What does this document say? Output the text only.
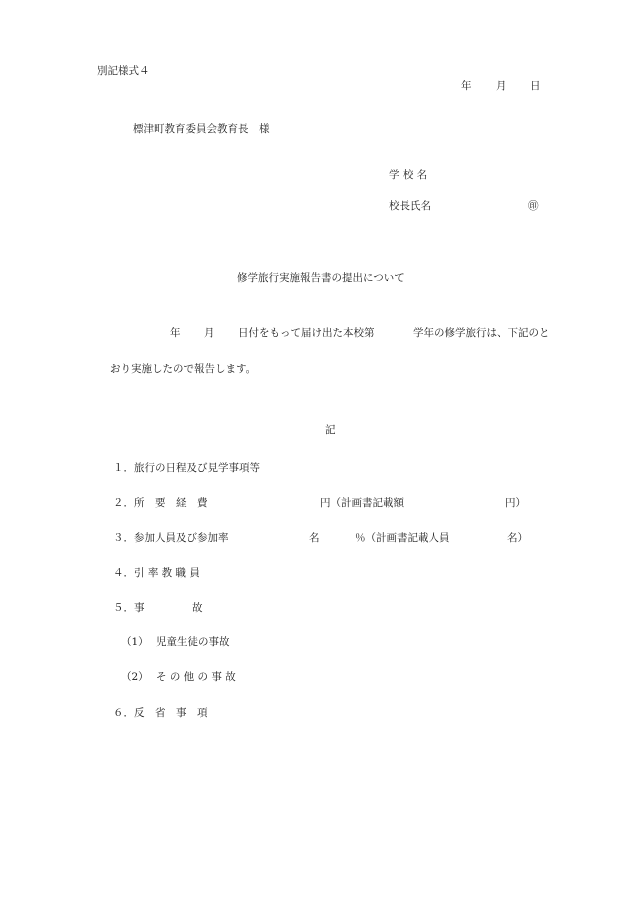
別記様式４
年 月 日
標津町教育委員会教育長　様
学 校 名
校長氏名	㊞
修学旅行実施報告書の提出について
年 月 日付をもって届け出た本校第	学年の修学旅行は、下記のと
おり実施したので報告します。
記
１．旅行の日程及び見学事項等
２．所　要　経　費	円（計画書記載額	円）
３．参加人員及び参加率	名	％（計画書記載人員	名）
４．引 率 教 職 員
５．事	故
（1） 児童生徒の事故
（2） そ の 他 の 事 故
６．反　省　事　項
